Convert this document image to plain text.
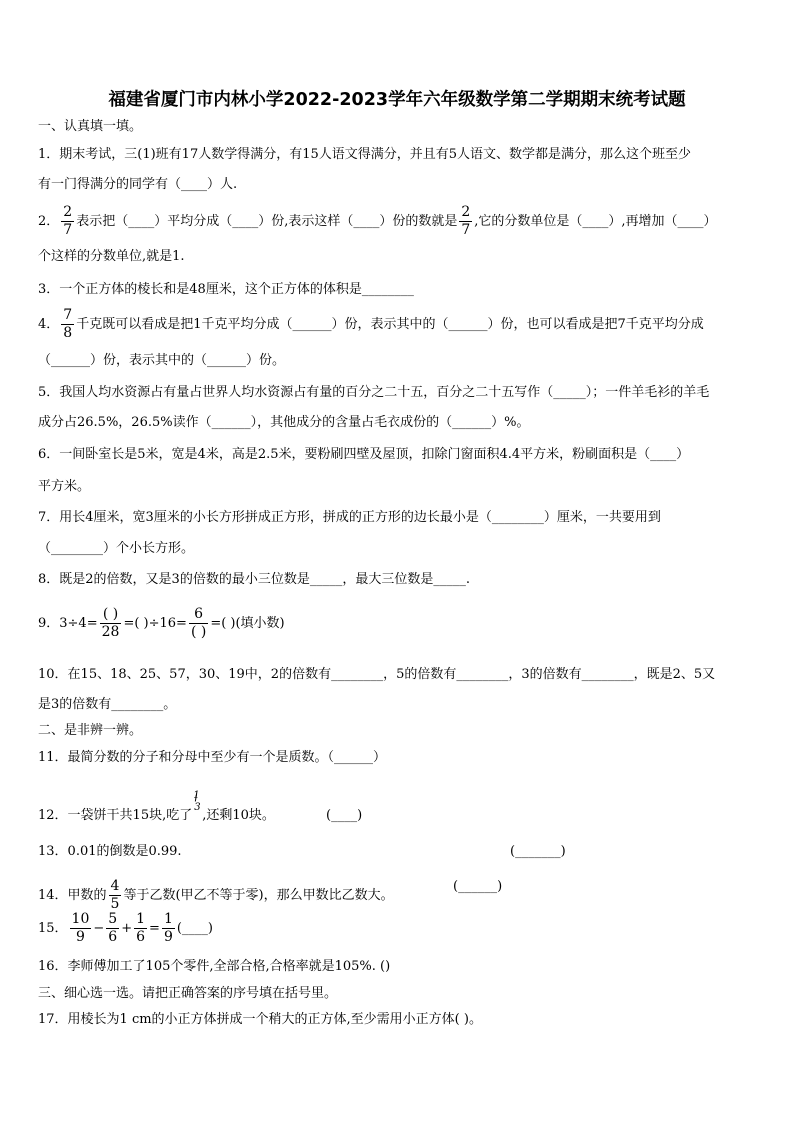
福建省厦门市内林小学2022-2023学年六年级数学第二学期期末统考试题
一、认真填一填。
1．期末考试，三(1)班有17人数学得满分，有15人语文得满分，并且有5人语文、数学都是满分，那么这个班至少
有一门得满分的同学有（____）人.
2． $\frac{2}{7}$ 表示把（____）平均分成（____）份,表示这样（____）份的数就是 $\frac{2}{7}$ ,它的分数单位是（____）,再增加（____）
个这样的分数单位,就是1.
3．一个正方体的棱长和是48厘米，这个正方体的体积是________
4． $\frac{7}{8}$ 千克既可以看成是把1千克平均分成（______）份，表示其中的（______）份，也可以看成是把7千克平均分成
（______）份，表示其中的（______）份。
5．我国人均水资源占有量占世界人均水资源占有量的百分之二十五，百分之二十五写作（_____）；一件羊毛衫的羊毛
成分占26.5%，26.5%读作（______），其他成分的含量占毛衣成份的（______）%。
6．一间卧室长是5米，宽是4米，高是2.5米，要粉刷四壁及屋顶，扣除门窗面积4.4平方米，粉刷面积是（____）
平方米。
7．用长4厘米，宽3厘米的小长方形拼成正方形，拼成的正方形的边长最小是（________）厘米，一共要用到
（________）个小长方形。
8．既是2的倍数，又是3的倍数的最小三位数是_____，最大三位数是_____.
9．$3\div 4= \frac{( )}{28}$ =( )$\div 16= \frac{6}{( )}$ =( )(填小数)
10．在15、18、25、57，30、19中，2的倍数有________，5的倍数有________，3的倍数有________，既是2、5又
是3的倍数有________。
二、是非辨一辨。
11．最简分数的分子和分母中至少有一个是质数。（______）
12．一袋饼干共15块,吃了
1
3
,还剩10块。	(____)
13．0.01的倒数是0.99.	(_______)
14．甲数的 $\frac{4}{5}$ 等于乙数(甲乙不等于零)，那么甲数比乙数大。
(______)
15． $\frac{10}{9} - \frac{5}{6} + \frac{1}{6} = \frac{1}{9}$ (____)
16．李师傅加工了105个零件,全部合格,合格率就是105%. ()
三、细心选一选。请把正确答案的序号填在括号里。
17．用棱长为1 cm的小正方体拼成一个稍大的正方体,至少需用小正方体( )。
